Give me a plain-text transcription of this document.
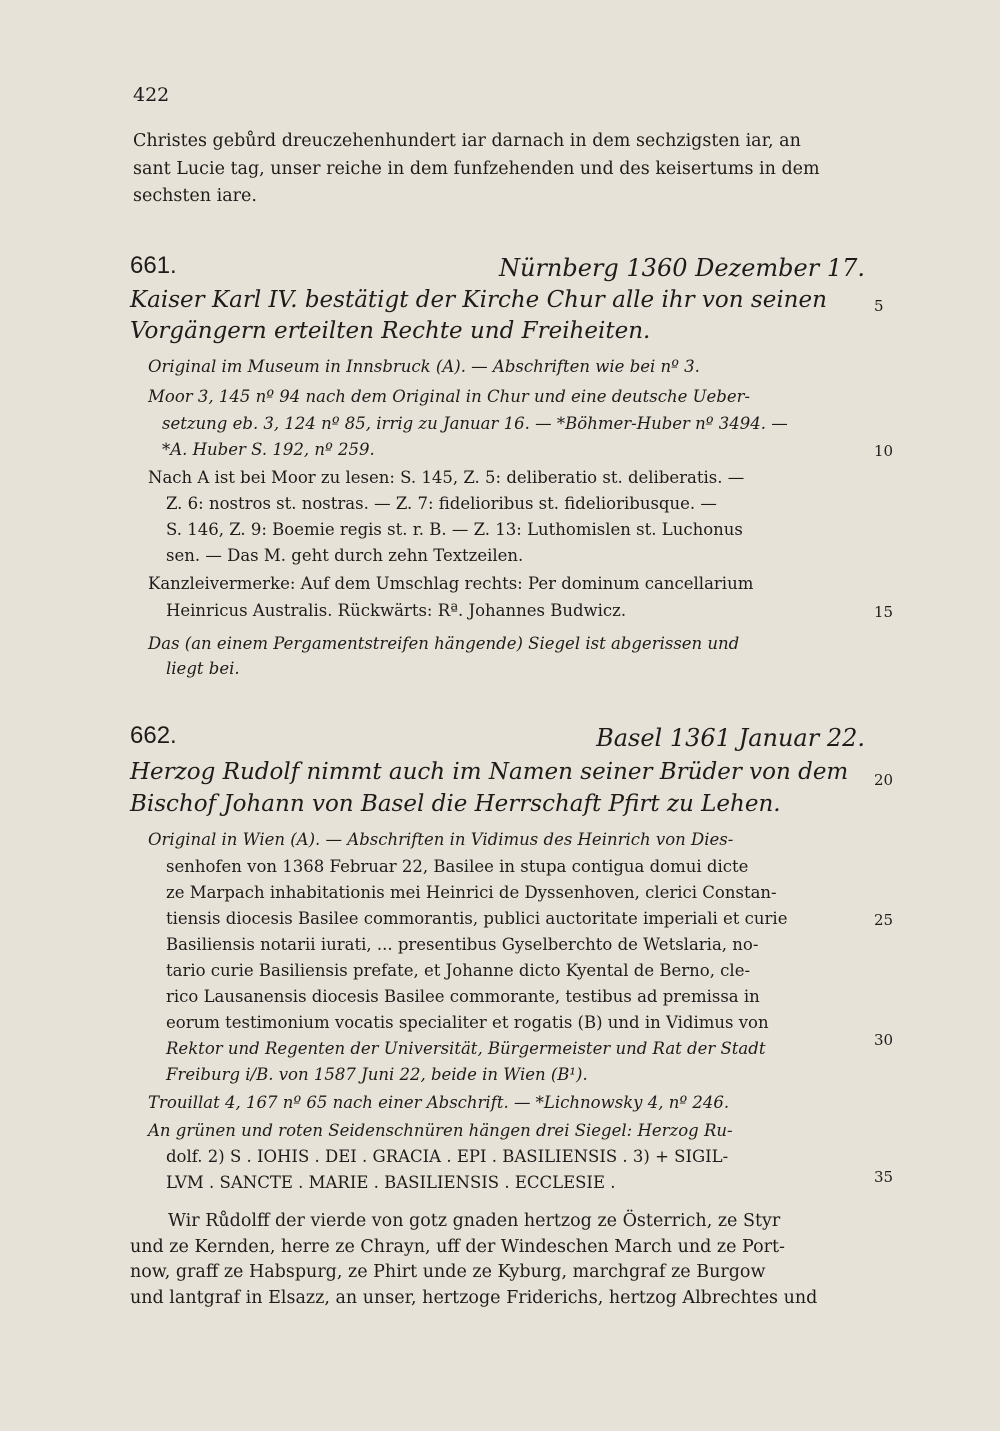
422
Christes gebůrd dreuczehenhundert iar darnach in dem sechzigsten iar, an
sant Lucie tag, unser reiche in dem funfzehenden und des keisertums in dem
sechsten iare.
661.	Nürnberg 1360 Dezember 17.
Kaiser Karl IV. bestätigt der Kirche Chur alle ihr von seinen
Vorgängern erteilten Rechte und Freiheiten.
Original im Museum in Innsbruck (A). — Abschriften wie bei nº 3.
Moor 3, 145 nº 94 nach dem Original in Chur und eine deutsche Ueber-
setzung eb. 3, 124 nº 85, irrig zu Januar 16. — *Böhmer-Huber nº 3494. —
*A. Huber S. 192, nº 259.
Nach A ist bei Moor zu lesen: S. 145, Z. 5: deliberatio st. deliberatis. —
Z. 6: nostros st. nostras. — Z. 7: fidelioribus st. fidelioribusque. —
S. 146, Z. 9: Boemie regis st. r. B. — Z. 13: Luthomislen st. Luchonus
sen. — Das M. geht durch zehn Textzeilen.
Kanzleivermerke: Auf dem Umschlag rechts: Per dominum cancellarium
Heinricus Australis. Rückwärts: Rª. Johannes Budwicz.
Das (an einem Pergamentstreifen hängende) Siegel ist abgerissen und
liegt bei.
662.	Basel 1361 Januar 22.
Herzog Rudolf nimmt auch im Namen seiner Brüder von dem
Bischof Johann von Basel die Herrschaft Pfirt zu Lehen.
Original in Wien (A). — Abschriften in Vidimus des Heinrich von Dies-
senhofen von 1368 Februar 22, Basilee in stupa contigua domui dicte
ze Marpach inhabitationis mei Heinrici de Dyssenhoven, clerici Constan-
tiensis diocesis Basilee commorantis, publici auctoritate imperiali et curie
Basiliensis notarii iurati, ... presentibus Gyselberchto de Wetslaria, no-
tario curie Basiliensis prefate, et Johanne dicto Kyental de Berno, cle-
rico Lausanensis diocesis Basilee commorante, testibus ad premissa in
eorum testimonium vocatis specialiter et rogatis (B) und in Vidimus von
Rektor und Regenten der Universität, Bürgermeister und Rat der Stadt
Freiburg i/B. von 1587 Juni 22, beide in Wien (B¹).
Trouillat 4, 167 nº 65 nach einer Abschrift. — *Lichnowsky 4, nº 246.
An grünen und roten Seidenschnüren hängen drei Siegel: Herzog Ru-
dolf. 2) S . IOHIS . DEI . GRACIA . EPI . BASILIENSIS . 3) + SIGIL-
LVM . SANCTE . MARIE . BASILIENSIS . ECCLESIE .
Wir Růdolff der vierde von gotz gnaden hertzog ze Österrich, ze Styr
und ze Kernden, herre ze Chrayn, uff der Windeschen March und ze Port-
now, graff ze Habspurg, ze Phirt unde ze Kyburg, marchgraf ze Burgow
und lantgraf in Elsazz, an unser, hertzoge Friderichs, hertzog Albrechtes und
5
10
15
20
25
30
35
